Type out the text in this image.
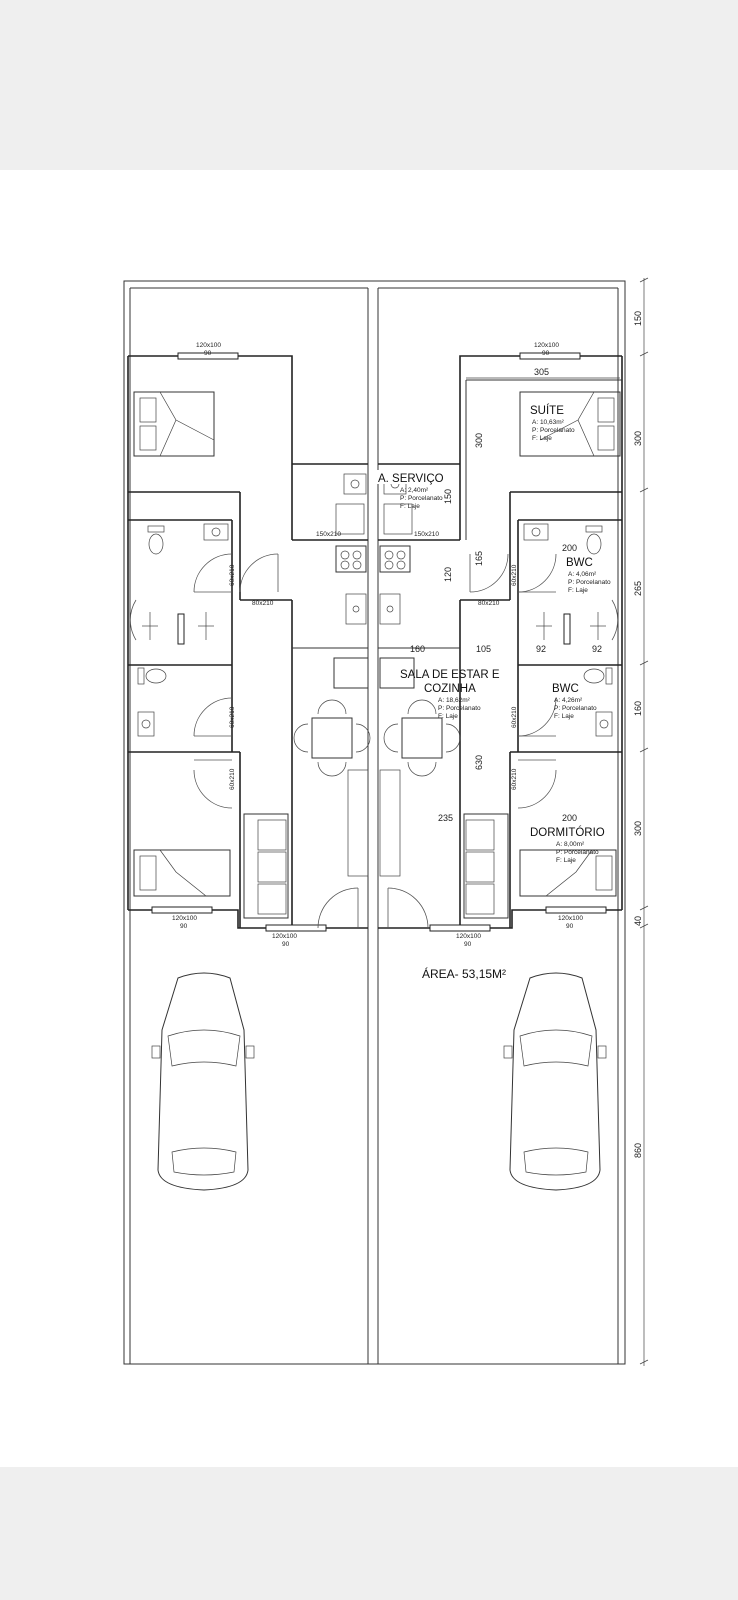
150
300
265
160
300
40
860
305
300
150
165
120
200
160	105	92	92
630
235	200
120x100
90
120x100
90
150x210	150x210
80x210	80x210
120x100
90
120x100
90
120x100
90
120x100
90
60x210
60x210
60x210
60x210
60x210
60x210
SUÍTE
A: 10,63m²
P: Porcelanato
F: Laje
A. SERVIÇO
A: 2,40m²
P: Porcelanato
F: Laje
BWC
A: 4,06m²
P: Porcelanato
F: Laje
SALA DE ESTAR E
COZINHA
A: 18,62m²
P: Porcelanato
F: Laje
BWC
A: 4,26m²
P: Porcelanato
F: Laje
DORMITÓRIO
A: 8,00m²
P: Porcelanato
F: Laje
ÁREA- 53,15M²
